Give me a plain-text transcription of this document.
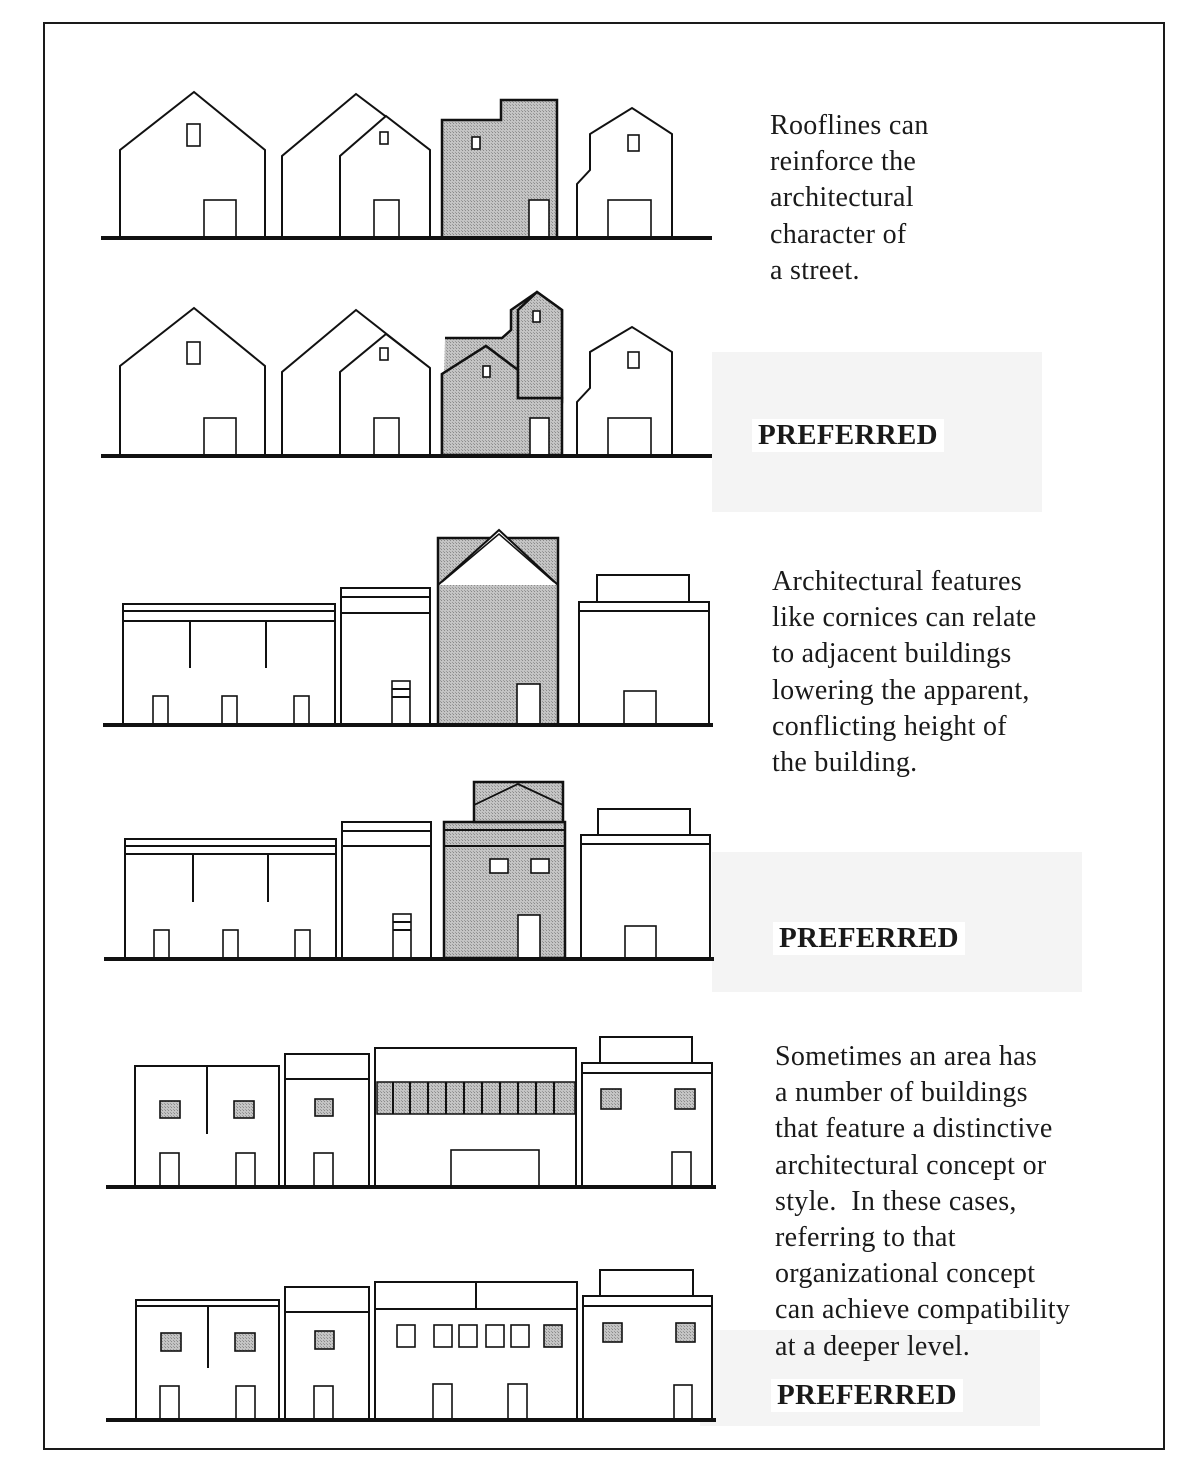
Rooflines can
reinforce the
architectural
character of
a street.
PREFERRED
Architectural features
like cornices can relate
to adjacent buildings
lowering the apparent,
conflicting height of
the building.
PREFERRED
Sometimes an area has
a number of buildings
that feature a distinctive
architectural concept or
style.  In these cases,
referring to that
organizational concept
can achieve compatibility
at a deeper level.
PREFERRED
